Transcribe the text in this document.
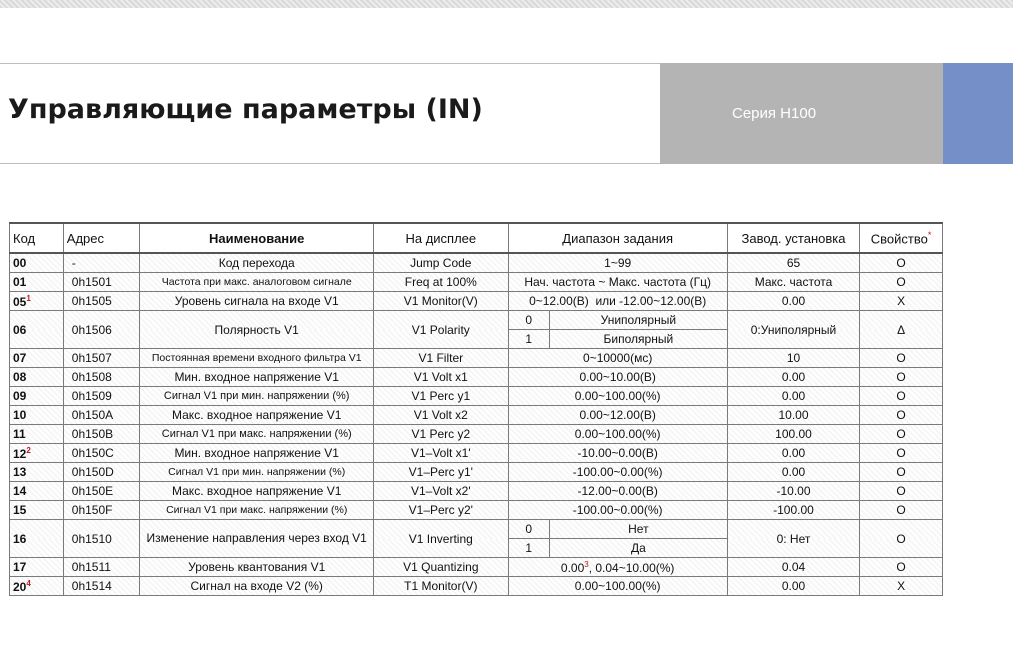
Управляющие параметры (IN)	Серия H100
Код	Адрес	Наименование	На дисплее	Диапазон задания		Завод. установка	Свойство*
00	-	Код перехода	Jump Code	1~99		65	O
01	0h1501	Частота при макс. аналоговом сигнале	Freq at 100%	Нач. частота ~ Макс. частота (Гц)		Макс. частота	O
$05^1$	0h1505	Уровень сигнала на входе V1	V1 Monitor(V)	0~12.00(В)  или -12.00~12.00(В)		0.00	X
06	0h1506	Полярность V1	V1 Polarity	0	Униполярный	0:Униполярный	Δ
				1	Биполярный		
07	0h1507	Постоянная времени входного фильтра V1	V1 Filter	0~10000(мс)		10	O
08	0h1508	Мин. входное напряжение V1	V1 Volt x1	0.00~10.00(В)		0.00	O
09	0h1509	Сигнал V1 при мин. напряжении (%)	V1 Perc y1	0.00~100.00(%)		0.00	O
10	0h150A	Макс. входное напряжение V1	V1 Volt x2	0.00~12.00(В)		10.00	O
11	0h150B	Сигнал V1 при макс. напряжении (%)	V1 Perc y2	0.00~100.00(%)		100.00	O
$12^2$	0h150C	Мин. входное напряжение V1	V1–Volt x1'	-10.00~0.00(В)		0.00	O
13	0h150D	Сигнал V1 при мин. напряжении (%)	V1–Perc y1'	-100.00~0.00(%)		0.00	O
14	0h150E	Макс. входное напряжение V1	V1–Volt x2'	-12.00~0.00(В)		-10.00	O
15	0h150F	Сигнал V1 при макс. напряжении (%)	V1–Perc y2'	-100.00~0.00(%)		-100.00	O
16	0h1510	Изменение направления через вход V1	V1 Inverting	0	Нет	0: Нет	O
				1	Да		
17	0h1511	Уровень квантования V1	V1 Quantizing	0.00$^3$, 0.04~10.00(%)		0.04	O
$20^4$	0h1514	Сигнал на входе V2 (%)	T1 Monitor(V)	0.00~100.00(%)		0.00	X
